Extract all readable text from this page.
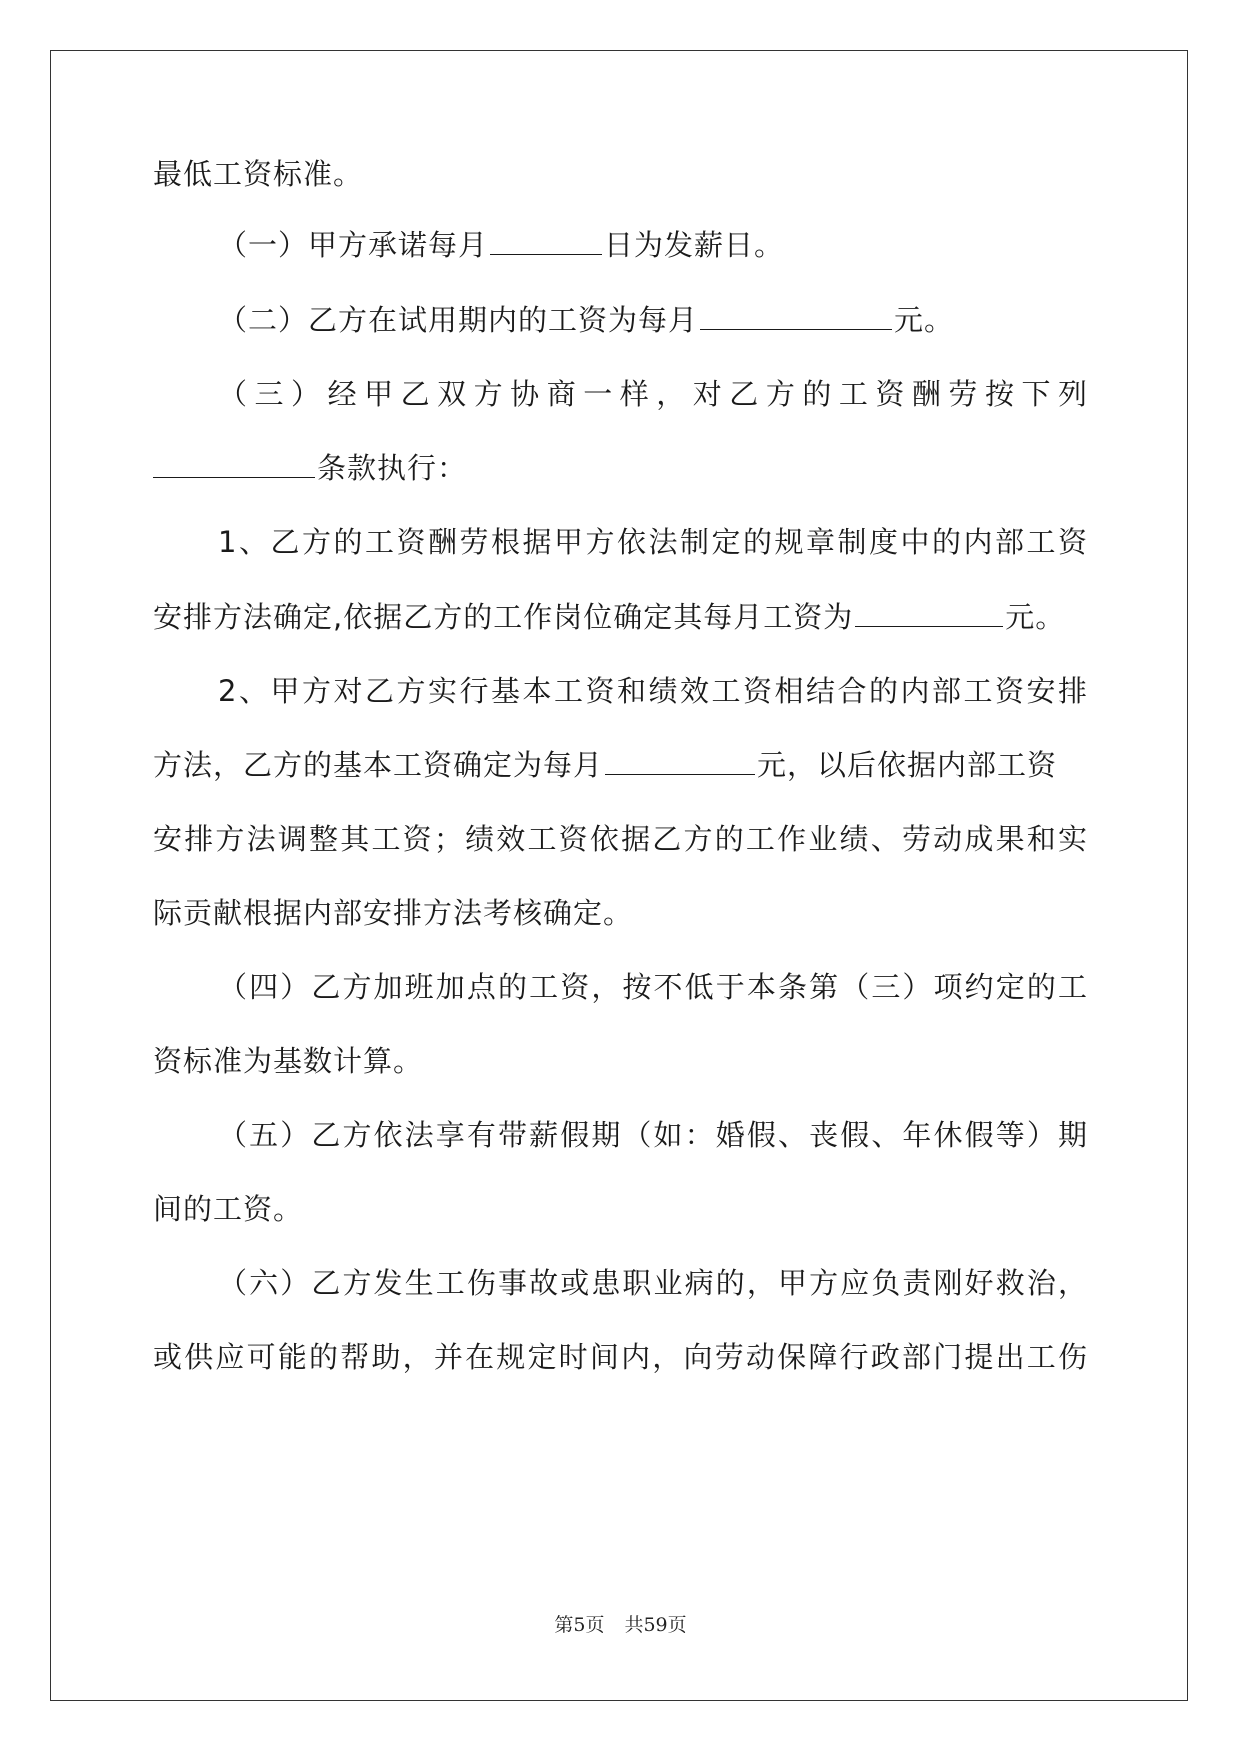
最低工资标准。
（一）甲方承诺每月	日为发薪日。
（二）乙方在试用期内的工资为每月	元。
（三）经甲乙双方协商一样，对乙方的工资酬劳按下列
条款执行：
1、乙方的工资酬劳根据甲方依法制定的规章制度中的内部工资
安排方法确定,依据乙方的工作岗位确定其每月工资为	元。
2、甲方对乙方实行基本工资和绩效工资相结合的内部工资安排
方法，乙方的基本工资确定为每月	元，以后依据内部工资
安排方法调整其工资；绩效工资依据乙方的工作业绩、劳动成果和实
际贡献根据内部安排方法考核确定。
（四）乙方加班加点的工资，按不低于本条第（三）项约定的工
资标准为基数计算。
（五）乙方依法享有带薪假期（如：婚假、丧假、年休假等）期
间的工资。
（六）乙方发生工伤事故或患职业病的，甲方应负责刚好救治，
或供应可能的帮助，并在规定时间内，向劳动保障行政部门提出工伤
第5页 共59页
